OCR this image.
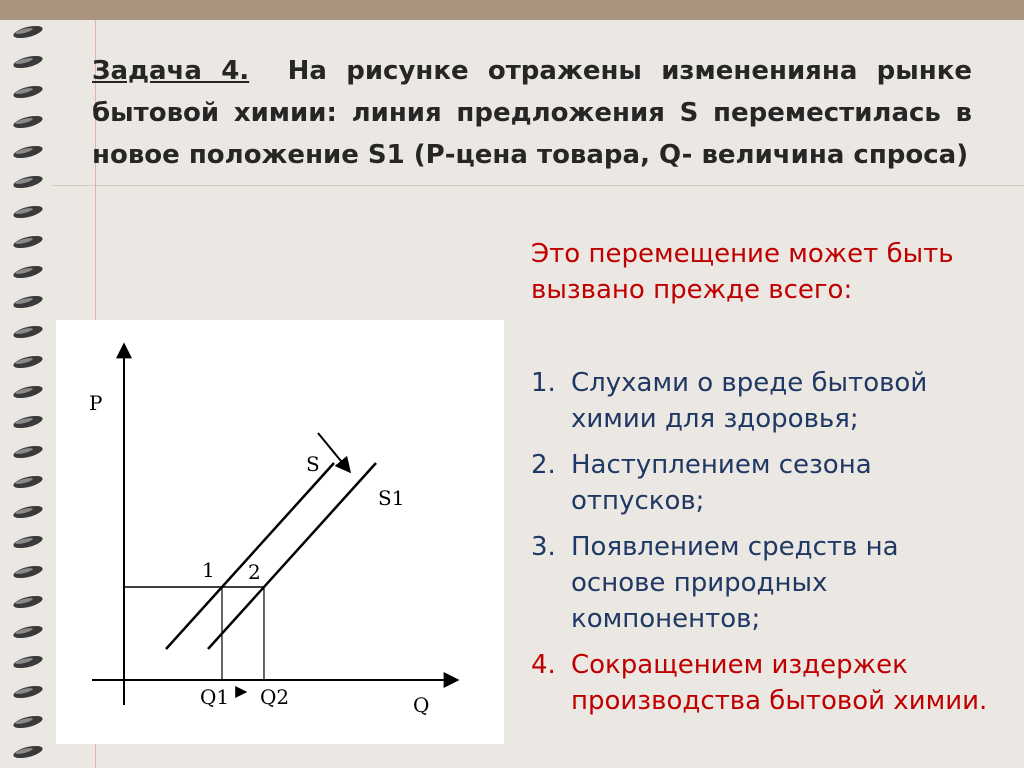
Задача 4. На рисунке отражены измененияна рынке бытовой химии: линия предложения S переместилась в новое положение S1 (Р-цена товара, Q- величина спроса)

Это перемещение может быть вызвано прежде всего:

1. Слухами о вреде бытовой химии для здоровья;
2. Наступлением сезона отпусков;
3. Появлением средств на основе природных компонентов;
4. Сокращением издержек производства бытовой химии.
P
Q
S
S1
1 2
Q1 Q2
